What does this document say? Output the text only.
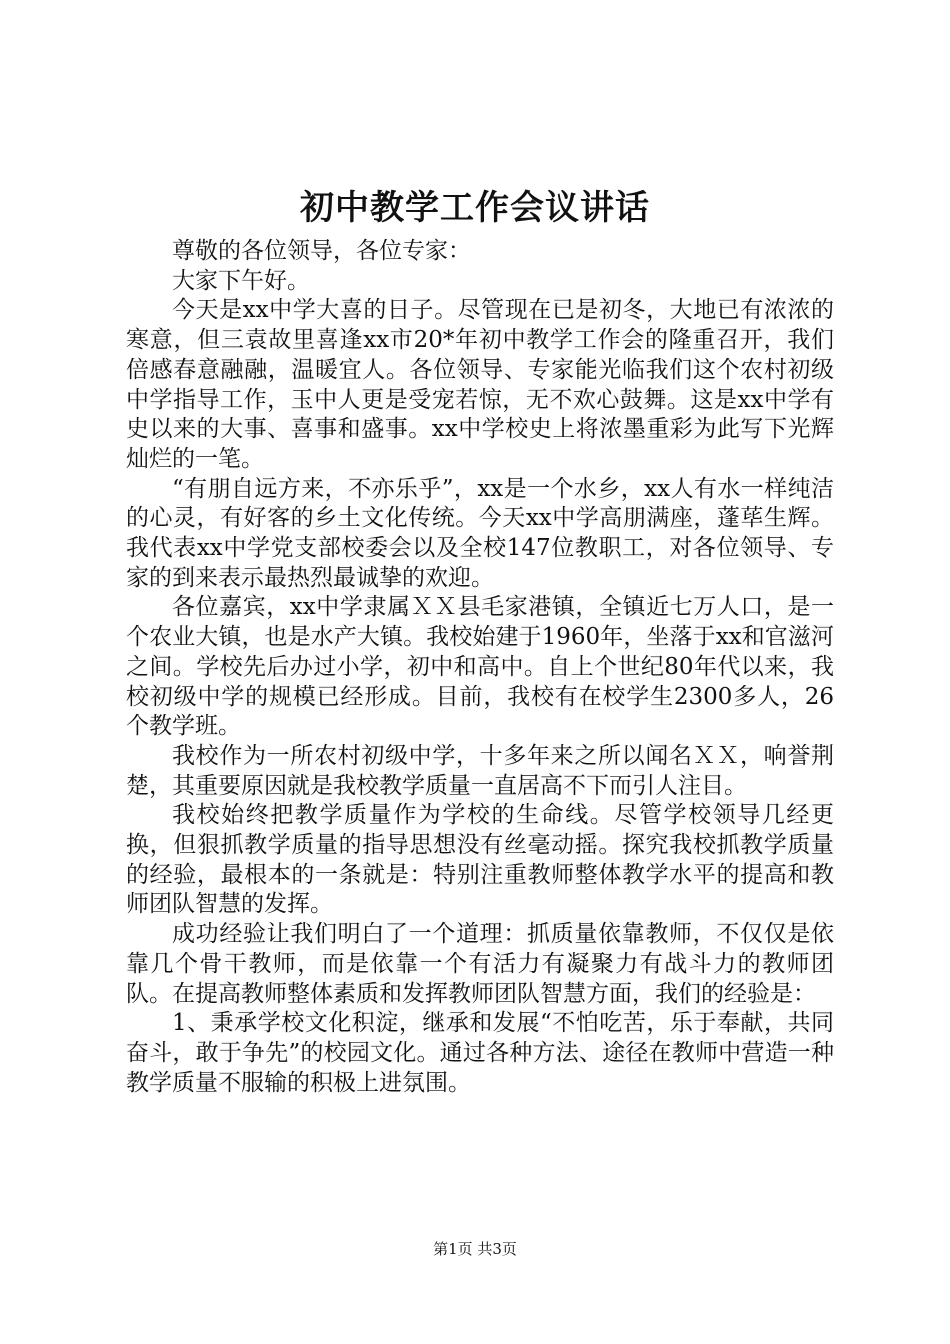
初中教学工作会议讲话

尊敬的各位领导，各位专家：

大家下午好。

今天是xx中学大喜的日子。尽管现在已是初冬，大地已有浓浓的寒意，但三袁故里喜逢xx市20*年初中教学工作会的隆重召开，我们倍感春意融融，温暖宜人。各位领导、专家能光临我们这个农村初级中学指导工作，玉中人更是受宠若惊，无不欢心鼓舞。这是xx中学有史以来的大事、喜事和盛事。xx中学校史上将浓墨重彩为此写下光辉灿烂的一笔。

“有朋自远方来，不亦乐乎”，xx是一个水乡，xx人有水一样纯洁的心灵，有好客的乡土文化传统。今天xx中学高朋满座，蓬荜生辉。我代表xx中学党支部校委会以及全校147位教职工，对各位领导、专家的到来表示最热烈最诚挚的欢迎。

各位嘉宾，xx中学隶属ＸＸ县毛家港镇，全镇近七万人口，是一个农业大镇，也是水产大镇。我校始建于1960年，坐落于xx和官滋河之间。学校先后办过小学，初中和高中。自上个世纪80年代以来，我校初级中学的规模已经形成。目前，我校有在校学生2300多人，26个教学班。

我校作为一所农村初级中学，十多年来之所以闻名ＸＸ，响誉荆楚，其重要原因就是我校教学质量一直居高不下而引人注目。

我校始终把教学质量作为学校的生命线。尽管学校领导几经更换，但狠抓教学质量的指导思想没有丝毫动摇。探究我校抓教学质量的经验，最根本的一条就是：特别注重教师整体教学水平的提高和教师团队智慧的发挥。

成功经验让我们明白了一个道理：抓质量依靠教师，不仅仅是依靠几个骨干教师，而是依靠一个有活力有凝聚力有战斗力的教师团队。在提高教师整体素质和发挥教师团队智慧方面，我们的经验是：

1、秉承学校文化积淀，继承和发展“不怕吃苦，乐于奉献，共同奋斗，敢于争先”的校园文化。通过各种方法、途径在教师中营造一种教学质量不服输的积极上进氛围。

第1页 共3页
